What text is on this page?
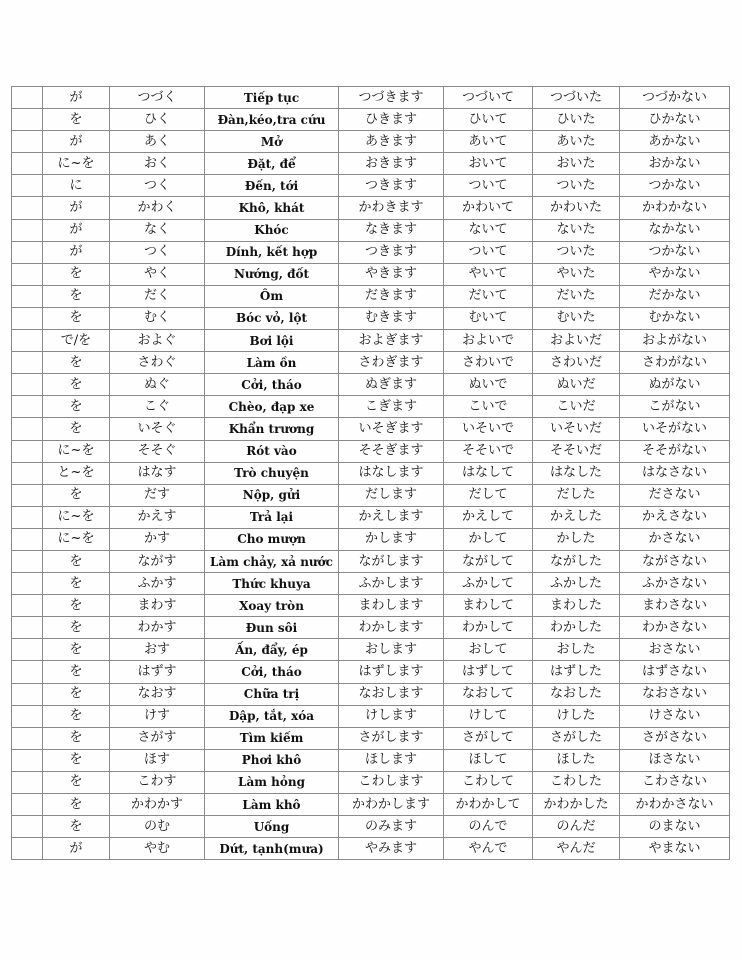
	が	つづく	Tiếp tục	つづきます	つづいて	つづいた	つづかない
	を	ひく	Đàn,kéo,tra cứu	ひきます	ひいて	ひいた	ひかない
	が	あく	Mở	あきます	あいて	あいた	あかない
	に~を	おく	Đặt, để	おきます	おいて	おいた	おかない
	に	つく	Đến, tới	つきます	ついて	ついた	つかない
	が	かわく	Khô, khát	かわきます	かわいて	かわいた	かわかない
	が	なく	Khóc	なきます	ないて	ないた	なかない
	が	つく	Dính, kết hợp	つきます	ついて	ついた	つかない
	を	やく	Nướng, đốt	やきます	やいて	やいた	やかない
	を	だく	Ôm	だきます	だいて	だいた	だかない
	を	むく	Bóc vỏ, lột	むきます	むいて	むいた	むかない
	で/を	およぐ	Bơi lội	およぎます	およいで	およいだ	およがない
	を	さわぐ	Làm ồn	さわぎます	さわいで	さわいだ	さわがない
	を	ぬぐ	Cởi, tháo	ぬぎます	ぬいで	ぬいだ	ぬがない
	を	こぐ	Chèo, đạp xe	こぎます	こいで	こいだ	こがない
	を	いそぐ	Khẩn trương	いそぎます	いそいで	いそいだ	いそがない
	に~を	そそぐ	Rót vào	そそぎます	そそいで	そそいだ	そそがない
	と~を	はなす	Trò chuyện	はなします	はなして	はなした	はなさない
	を	だす	Nộp, gửi	だします	だして	だした	ださない
	に~を	かえす	Trả lại	かえします	かえして	かえした	かえさない
	に~を	かす	Cho mượn	かします	かして	かした	かさない
	を	ながす	Làm chảy, xả nước	ながします	ながして	ながした	ながさない
	を	ふかす	Thức khuya	ふかします	ふかして	ふかした	ふかさない
	を	まわす	Xoay tròn	まわします	まわして	まわした	まわさない
	を	わかす	Đun sôi	わかします	わかして	わかした	わかさない
	を	おす	Ấn, đẩy, ép	おします	おして	おした	おさない
	を	はずす	Cởi, tháo	はずします	はずして	はずした	はずさない
	を	なおす	Chữa trị	なおします	なおして	なおした	なおさない
	を	けす	Dập, tắt, xóa	けします	けして	けした	けさない
	を	さがす	Tìm kiếm	さがします	さがして	さがした	さがさない
	を	ほす	Phơi khô	ほします	ほして	ほした	ほさない
	を	こわす	Làm hỏng	こわします	こわして	こわした	こわさない
	を	かわかす	Làm khô	かわかします	かわかして	かわかした	かわかさない
	を	のむ	Uống	のみます	のんで	のんだ	のまない
	が	やむ	Dứt, tạnh(mưa)	やみます	やんで	やんだ	やまない
